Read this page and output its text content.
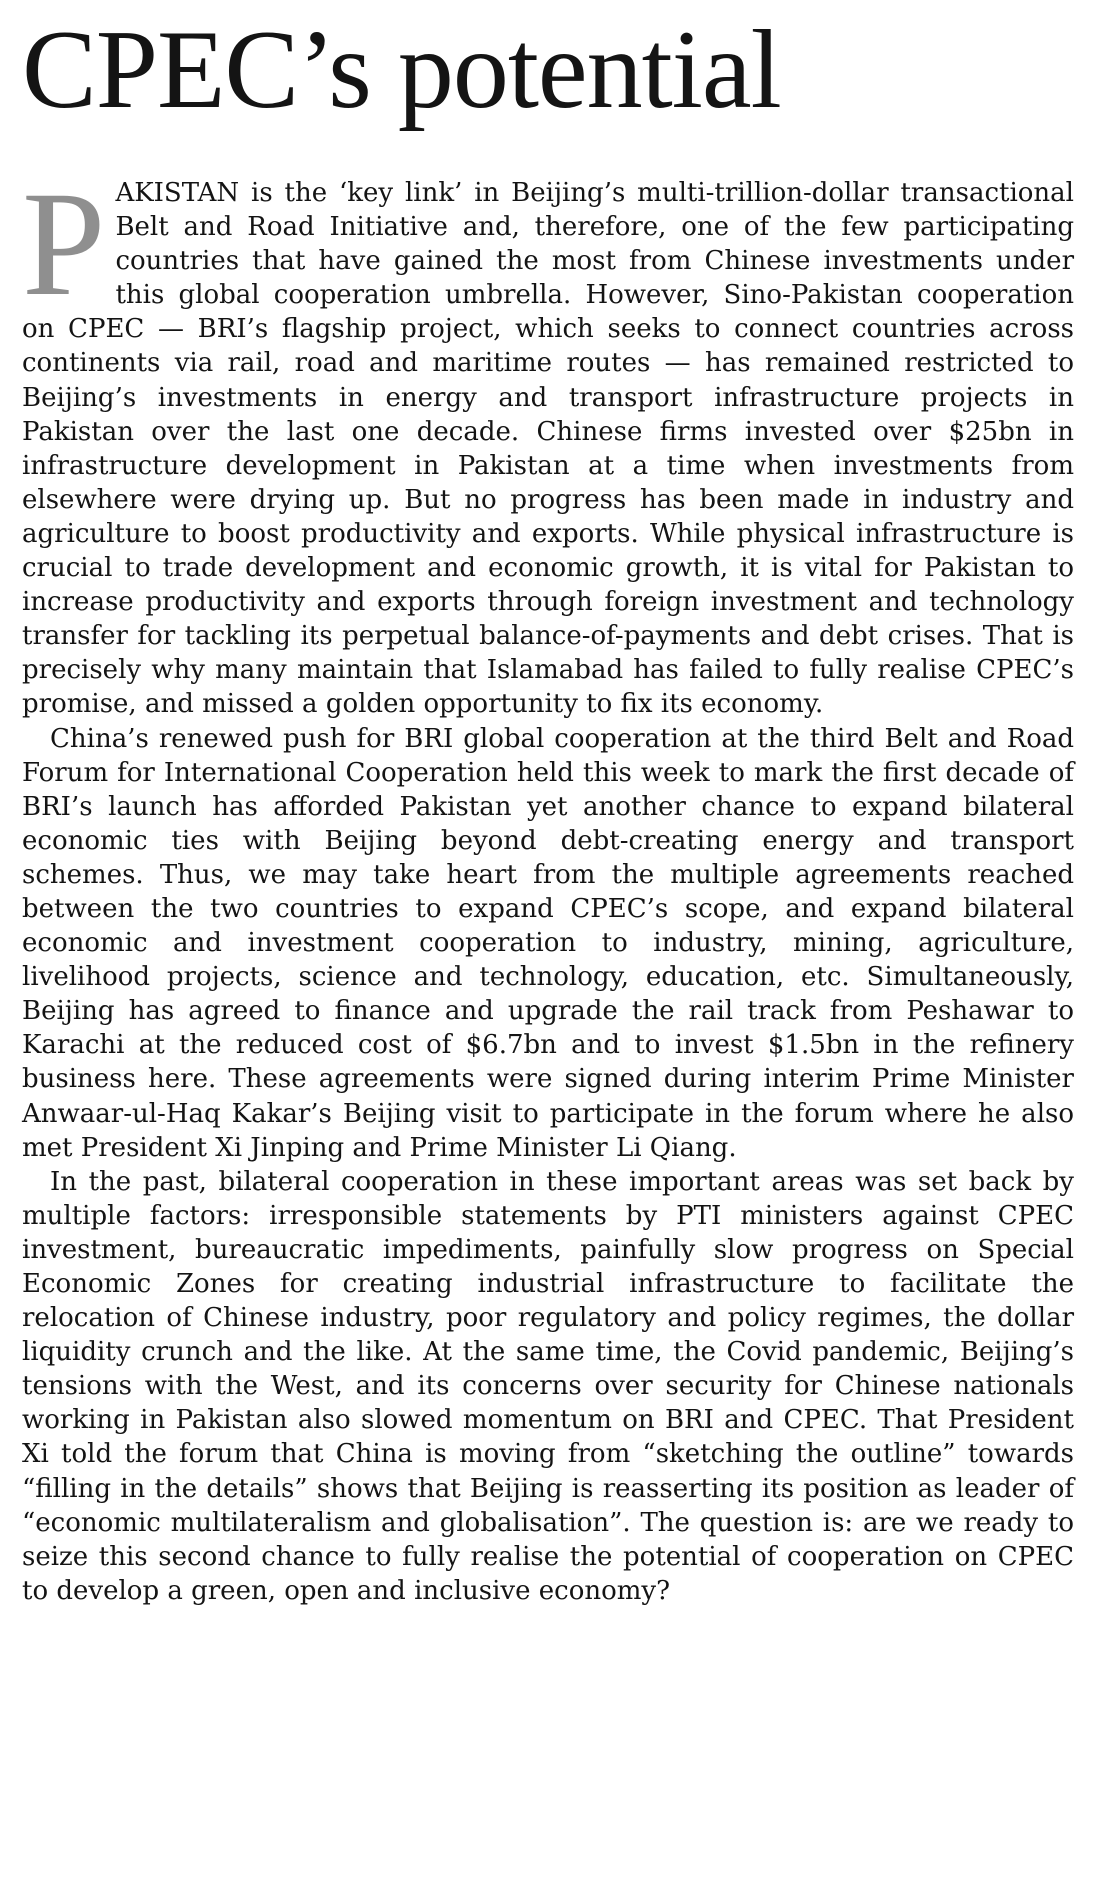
CPEC’s potential

PAKISTAN is the ‘key link’ in Beijing’s multi-trillion-dollar transactional Belt and Road Initiative and, therefore, one of the few participating countries that have gained the most from Chinese investments under this global cooperation umbrella. However, Sino-Pakistan cooperation on CPEC — BRI’s flagship project, which seeks to connect countries across continents via rail, road and maritime routes — has remained restricted to Beijing’s investments in energy and transport infrastructure projects in Pakistan over the last one decade. Chinese firms invested over $25bn in infrastructure development in Pakistan at a time when investments from elsewhere were drying up. But no progress has been made in industry and agriculture to boost productivity and exports. While physical infrastructure is crucial to trade development and economic growth, it is vital for Pakistan to increase productivity and exports through foreign investment and technology transfer for tackling its perpetual balance-of-payments and debt crises. That is precisely why many maintain that Islamabad has failed to fully realise CPEC’s promise, and missed a golden opportunity to fix its economy.

China’s renewed push for BRI global cooperation at the third Belt and Road Forum for International Cooperation held this week to mark the first decade of BRI’s launch has afforded Pakistan yet another chance to expand bilateral economic ties with Beijing beyond debt-creating energy and transport schemes. Thus, we may take heart from the multiple agreements reached between the two countries to expand CPEC’s scope, and expand bilateral economic and investment cooperation to industry, mining, agriculture, livelihood projects, science and technology, education, etc. Simultaneously, Beijing has agreed to finance and upgrade the rail track from Peshawar to Karachi at the reduced cost of $6.7bn and to invest $1.5bn in the refinery business here. These agreements were signed during interim Prime Minister Anwaar-ul-Haq Kakar’s Beijing visit to participate in the forum where he also met President Xi Jinping and Prime Minister Li Qiang.

In the past, bilateral cooperation in these important areas was set back by multiple factors: irresponsible statements by PTI ministers against CPEC investment, bureaucratic impediments, painfully slow progress on Special Economic Zones for creating industrial infrastructure to facilitate the relocation of Chinese industry, poor regulatory and policy regimes, the dollar liquidity crunch and the like. At the same time, the Covid pandemic, Beijing’s tensions with the West, and its concerns over security for Chinese nationals working in Pakistan also slowed momentum on BRI and CPEC. That President Xi told the forum that China is moving from “sketching the outline” towards “filling in the details” shows that Beijing is reasserting its position as leader of “economic multilateralism and globalisation”. The question is: are we ready to seize this second chance to fully realise the potential of cooperation on CPEC to develop a green, open and inclusive economy?
